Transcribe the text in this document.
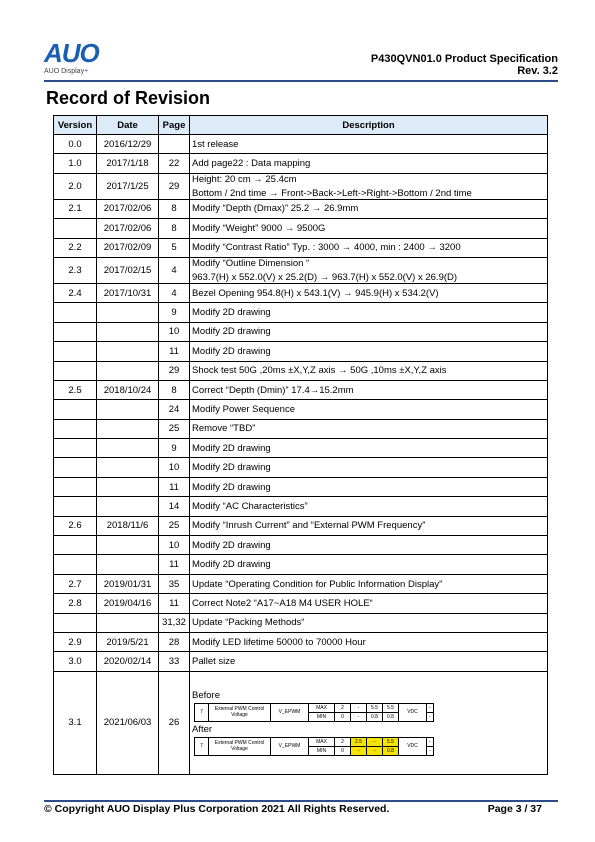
AUO
AUO Display+
P430QVN01.0 Product Specification
Rev. 3.2
Record of Revision
Version	Date	Page	Description
0.0	2016/12/29		1st release

1.0	2017/1/18	22	Add page22 : Data mapping

2.0	2017/1/25	29	
Height: 20 cm → 25.4cm
Bottom / 2nd time → Front->Back->Left->Right->Bottom / 2nd time

2.1	2017/02/06	8	Modify “Depth (Dmax)” 25.2 → 26.9mm

	2017/02/06	8	Modify “Weight” 9000 → 9500G

2.2	2017/02/09	5	Modify “Contrast Ratio” Typ. : 3000 → 4000, min : 2400 → 3200

2.3	2017/02/15	4	
Modify “Outline Dimension “
963.7(H) x 552.0(V) x 25.2(D) → 963.7(H) x 552.0(V) x 26.9(D)

2.4	2017/10/31	4	Bezel Opening 954.8(H) x 543.1(V) → 945.9(H) x 534.2(V)

		9	Modify 2D drawing

		10	Modify 2D drawing

		11	Modify 2D drawing

		29	Shock test 50G ,20ms ±X,Y,Z axis → 50G ,10ms ±X,Y,Z axis

2.5	2018/10/24	8	Correct “Depth (Dmin)” 17.4→15.2mm

		24	Modify Power Sequence

		25	Remove “TBD”

		9	Modify 2D drawing

		10	Modify 2D drawing

		11	Modify 2D drawing

		14	Modify “AC Characteristics”

2.6	2018/11/6	25	Modify “Inrush Current” and “External PWM Frequency”

		10	Modify 2D drawing

		11	Modify 2D drawing

2.7	2019/01/31	35	Update “Operating Condition for Public Information Display”

2.8	2019/04/16	11	Correct Note2 “A17~A18 M4 USER HOLE“

		31,32	Update “Packing Methods“

2.9	2019/5/21	28	Modify LED lifetime 50000 to 70000 Hour

3.0	2020/02/14	33	Pallet size

3.1	2021/06/03	26	
Before
7	External PWM Control Voltage	V_EPWM	MAX	2	-	5.5	5.5	VDC	-
MIN	0	-	0.8	0.8	-
After
7	External PWM Control Voltage	V_EPWM	MAX	2	2.5	-	5.5	VDC	-
MIN	0	-	-	0.8	-
© Copyright AUO Display Plus Corporation 2021 All Rights Reserved.	Page 3 / 37
